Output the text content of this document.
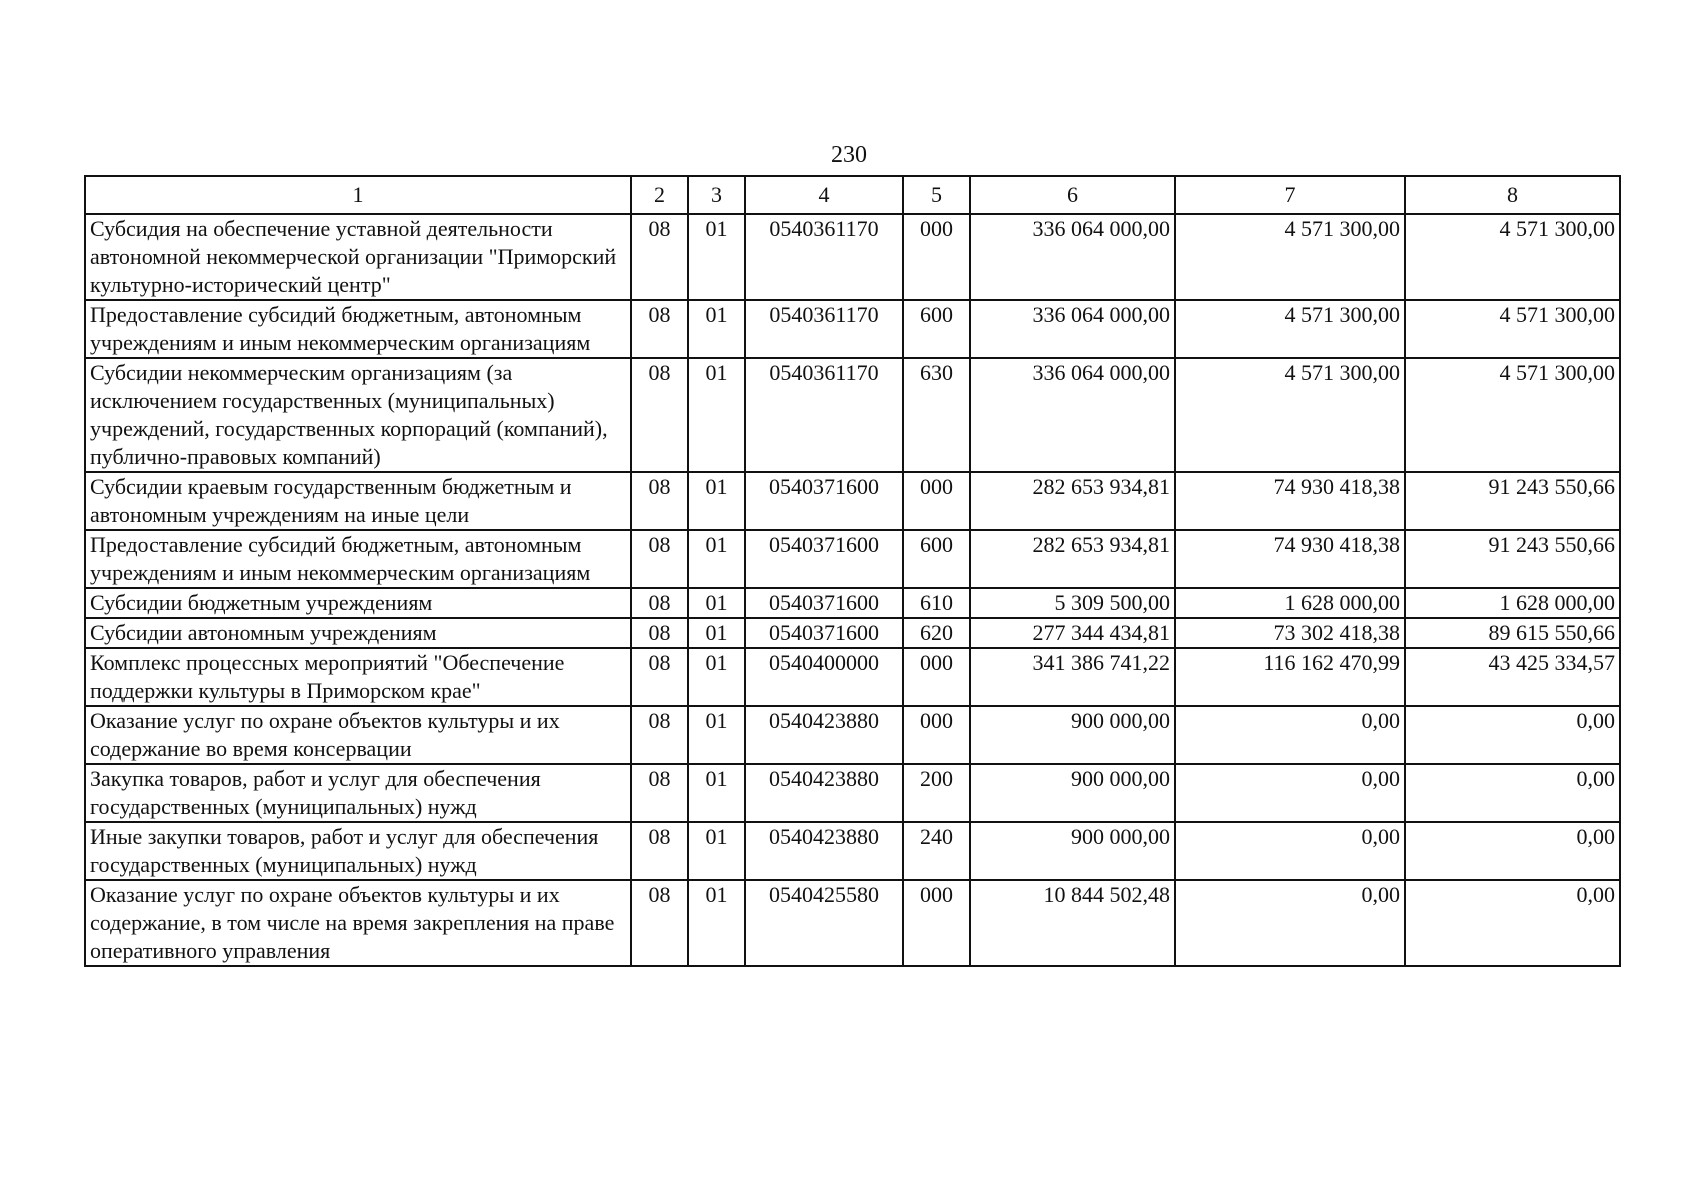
230
1	2	3	4	5	6	7	8
Субсидия на обеспечение уставной деятельности автономной некоммерческой организации "Приморский культурно-исторический центр"	08	01	0540361170	000	336 064 000,00	4 571 300,00	4 571 300,00
Предоставление субсидий бюджетным, автономным учреждениям и иным некоммерческим организациям	08	01	0540361170	600	336 064 000,00	4 571 300,00	4 571 300,00
Субсидии некоммерческим организациям (за исключением государственных (муниципальных) учреждений, государственных корпораций (компаний), публично-правовых компаний)	08	01	0540361170	630	336 064 000,00	4 571 300,00	4 571 300,00
Субсидии краевым государственным бюджетным и автономным учреждениям на иные цели	08	01	0540371600	000	282 653 934,81	74 930 418,38	91 243 550,66
Предоставление субсидий бюджетным, автономным учреждениям и иным некоммерческим организациям	08	01	0540371600	600	282 653 934,81	74 930 418,38	91 243 550,66
Субсидии бюджетным учреждениям	08	01	0540371600	610	5 309 500,00	1 628 000,00	1 628 000,00
Субсидии автономным учреждениям	08	01	0540371600	620	277 344 434,81	73 302 418,38	89 615 550,66
Комплекс процессных мероприятий "Обеспечение поддержки культуры в Приморском крае"	08	01	0540400000	000	341 386 741,22	116 162 470,99	43 425 334,57
Оказание услуг по охране объектов культуры и их содержание во время консервации	08	01	0540423880	000	900 000,00	0,00	0,00
Закупка товаров, работ и услуг для обеспечения государственных (муниципальных) нужд	08	01	0540423880	200	900 000,00	0,00	0,00
Иные закупки товаров, работ и услуг для обеспечения государственных (муниципальных) нужд	08	01	0540423880	240	900 000,00	0,00	0,00
Оказание услуг по охране объектов культуры и их содержание, в том числе на время закрепления на праве оперативного управления	08	01	0540425580	000	10 844 502,48	0,00	0,00
